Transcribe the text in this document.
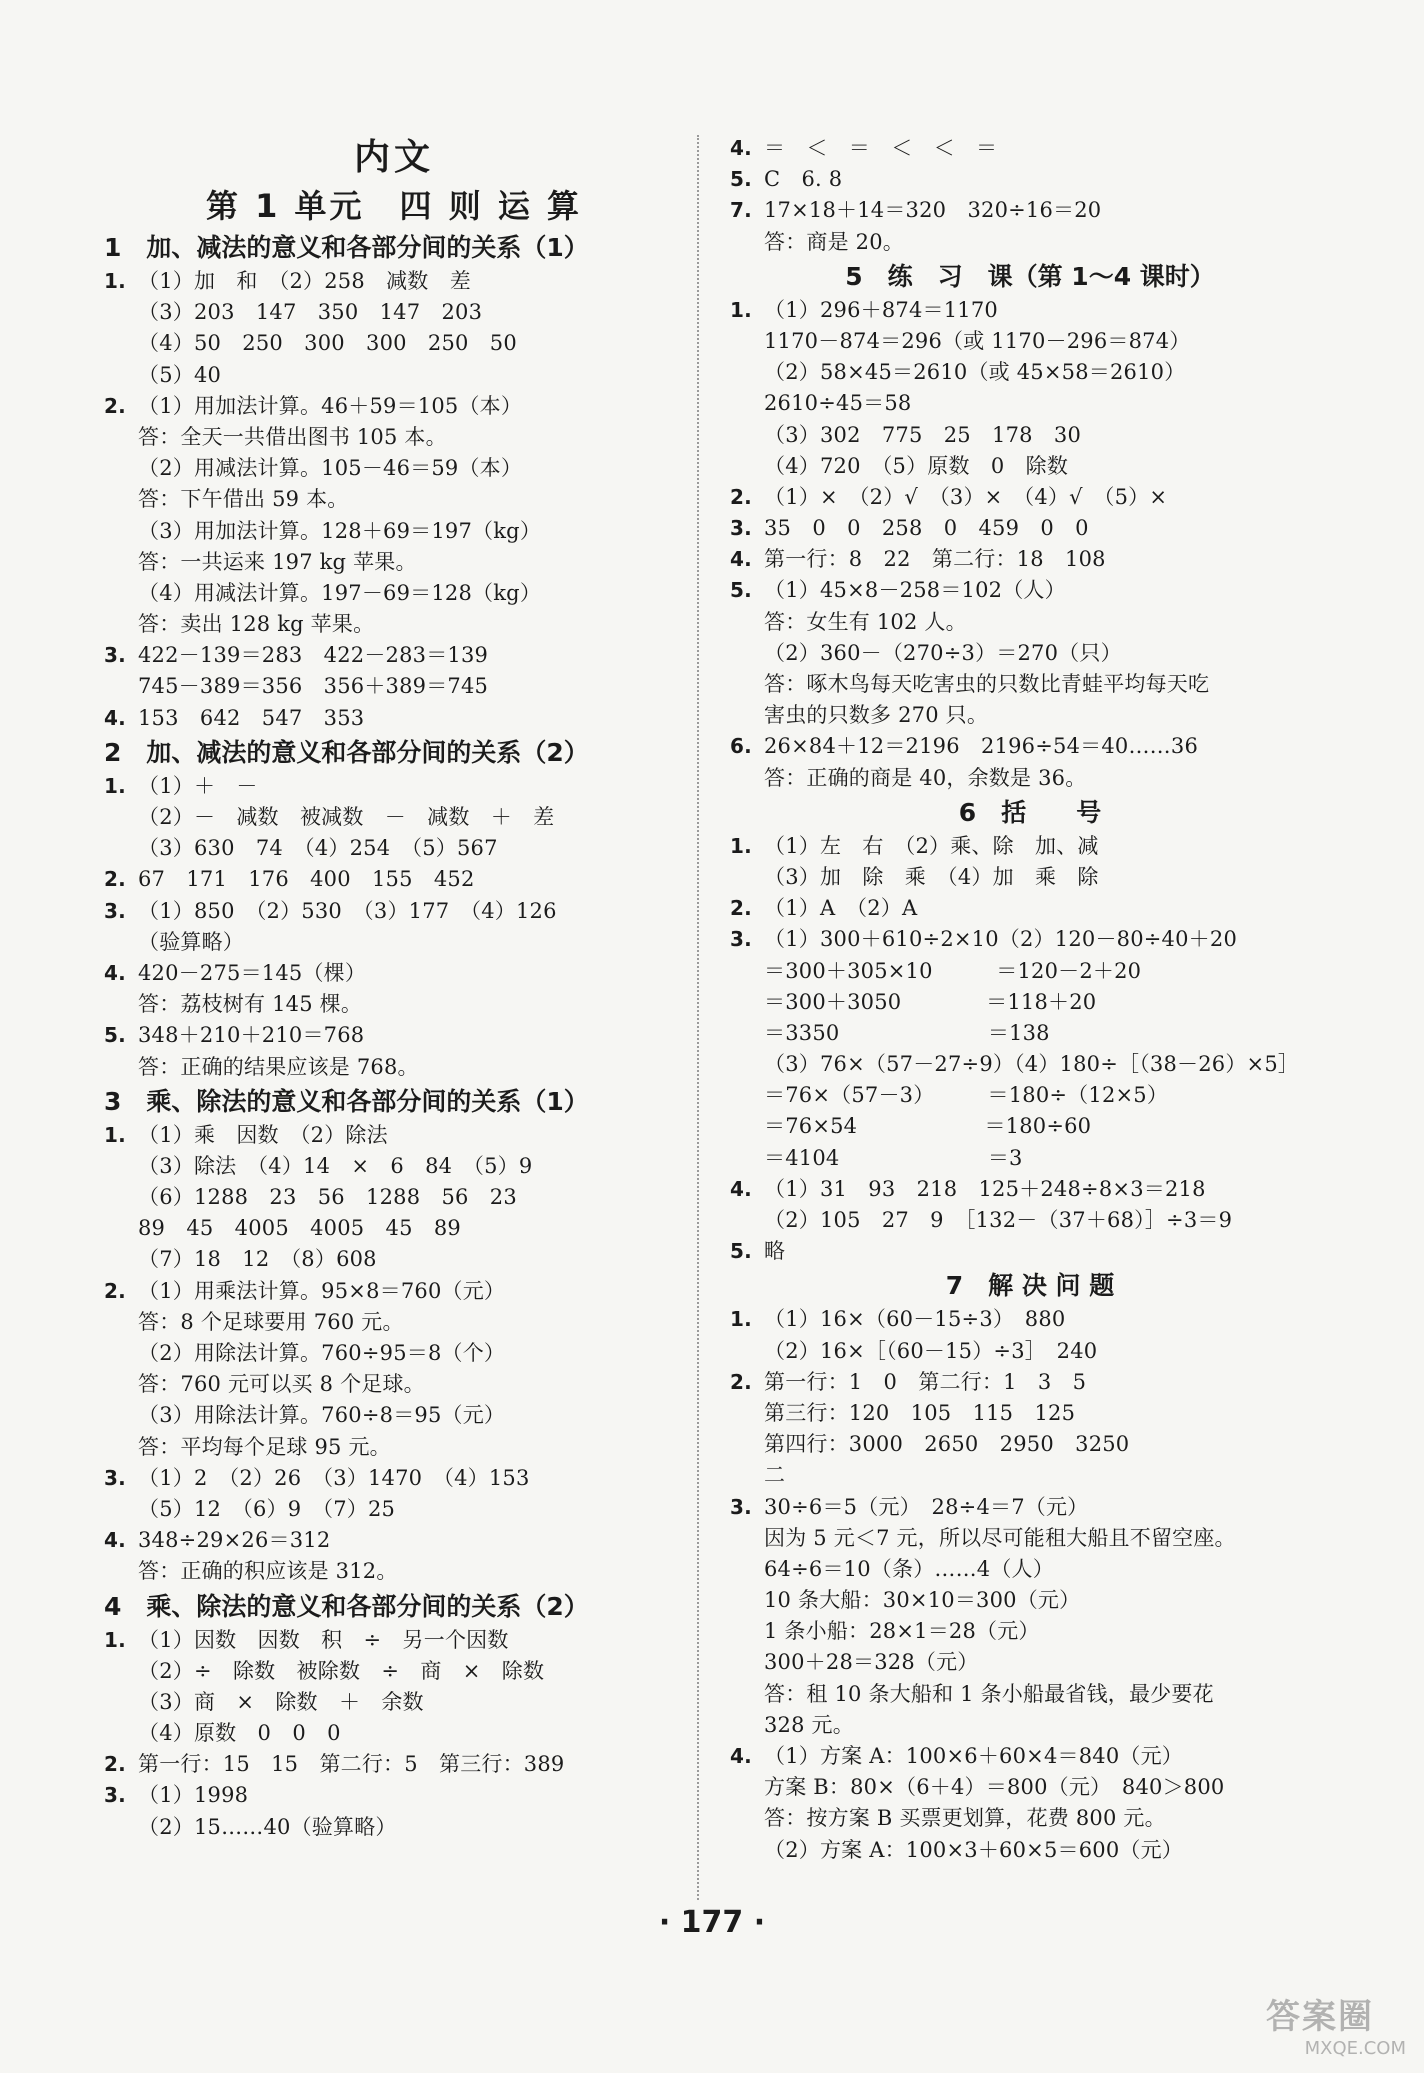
内文
第 1 单元　四 则 运 算
1　加、减法的意义和各部分间的关系（1）
1. （1）加　和　（2）258　减数　差
（3）203　147　350　147　203
（4）50　250　300　300　250　50
（5）40
2. （1）用加法计算。46＋59＝105（本）
答：全天一共借出图书 105 本。
（2）用减法计算。105－46＝59（本）
答：下午借出 59 本。
（3）用加法计算。128＋69＝197（kg）
答：一共运来 197 kg 苹果。
（4）用减法计算。197－69＝128（kg）
答：卖出 128 kg 苹果。
3. 422－139＝283　422－283＝139
745－389＝356　356＋389＝745
4. 153　642　547　353
2　加、减法的意义和各部分间的关系（2）
1. （1）＋　－
（2）－　减数　被减数　－　减数　＋　差
（3）630　74　（4）254　（5）567
2. 67　171　176　400　155　452
3. （1）850　（2）530　（3）177　（4）126
（验算略）
4. 420－275＝145（棵）
答：荔枝树有 145 棵。
5. 348＋210＋210＝768
答：正确的结果应该是 768。
3　乘、除法的意义和各部分间的关系（1）
1. （1）乘　因数　（2）除法
（3）除法　（4）14　×　6　84　（5）9
（6）1288　23　56　1288　56　23
89　45　4005　4005　45　89
（7）18　12　（8）608
2. （1）用乘法计算。95×8＝760（元）
答：8 个足球要用 760 元。
（2）用除法计算。760÷95＝8（个）
答：760 元可以买 8 个足球。
（3）用除法计算。760÷8＝95（元）
答：平均每个足球 95 元。
3. （1）2　（2）26　（3）1470　（4）153
（5）12　（6）9　（7）25
4. 348÷29×26＝312
答：正确的积应该是 312。
4　乘、除法的意义和各部分间的关系（2）
1. （1）因数　因数　积　÷　另一个因数
（2）÷　除数　被除数　÷　商　×　除数
（3）商　×　除数　＋　余数
（4）原数　0　0　0
2. 第一行：15　15　第二行：5　第三行：389
3. （1）1998
（2）15……40（验算略）
4. ＝　＜　＝　＜　＜　＝
5. C　6. 8
7. 17×18＋14＝320　320÷16＝20
答：商是 20。
5　练　习　课（第 1～4 课时）
1. （1）296＋874＝1170
1170－874＝296（或 1170－296＝874）
（2）58×45＝2610（或 45×58＝2610）
2610÷45＝58
（3）302　775　25　178　30
（4）720　（5）原数　0　除数
2. （1）×　（2）√　（3）×　（4）√　（5）×
3. 35　0　0　258　0　459　0　0
4. 第一行：8　22　第二行：18　108
5. （1）45×8－258＝102（人）
答：女生有 102 人。
（2）360－（270÷3）＝270（只）
答：啄木鸟每天吃害虫的只数比青蛙平均每天吃
害虫的只数多 270 只。
6. 26×84＋12＝2196　2196÷54＝40……36
答：正确的商是 40，余数是 36。
6　括　　号
1. （1）左　右　（2）乘、除　加、减
（3）加　除　乘　（4）加　乘　除
2. （1）A　（2）A
3. （1）300＋610÷2×10（2）120－80÷40＋20
＝300＋305×10　　　＝120－2＋20
＝300＋3050　　　　＝118＋20
＝3350　　　　　　　＝138
（3）76×（57－27÷9）（4）180÷［（38－26）×5］
＝76×（57－3）　　　＝180÷（12×5）
＝76×54　　　　　　＝180÷60
＝4104　　　　　　　＝3
4. （1）31　93　218　125＋248÷8×3＝218
（2）105　27　9　［132－（37＋68）］÷3＝9
5. 略
7　解 决 问 题
1. （1）16×（60－15÷3）　880
（2）16×［（60－15）÷3］　240
2. 第一行：1　0　第二行：1　3　5
第三行：120　105　115　125
第四行：3000　2650　2950　3250
二
3. 30÷6＝5（元）　28÷4＝7（元）
因为 5 元＜7 元，所以尽可能租大船且不留空座。
64÷6＝10（条）……4（人）
10 条大船：30×10＝300（元）
1 条小船：28×1＝28（元）
300＋28＝328（元）
答：租 10 条大船和 1 条小船最省钱，最少要花
328 元。
4. （1）方案 A：100×6＋60×4＝840（元）
方案 B：80×（6＋4）＝800（元）　840＞800
答：按方案 B 买票更划算，花费 800 元。
（2）方案 A：100×3＋60×5＝600（元）
· 177 ·
答案圈
MXQE.COM
